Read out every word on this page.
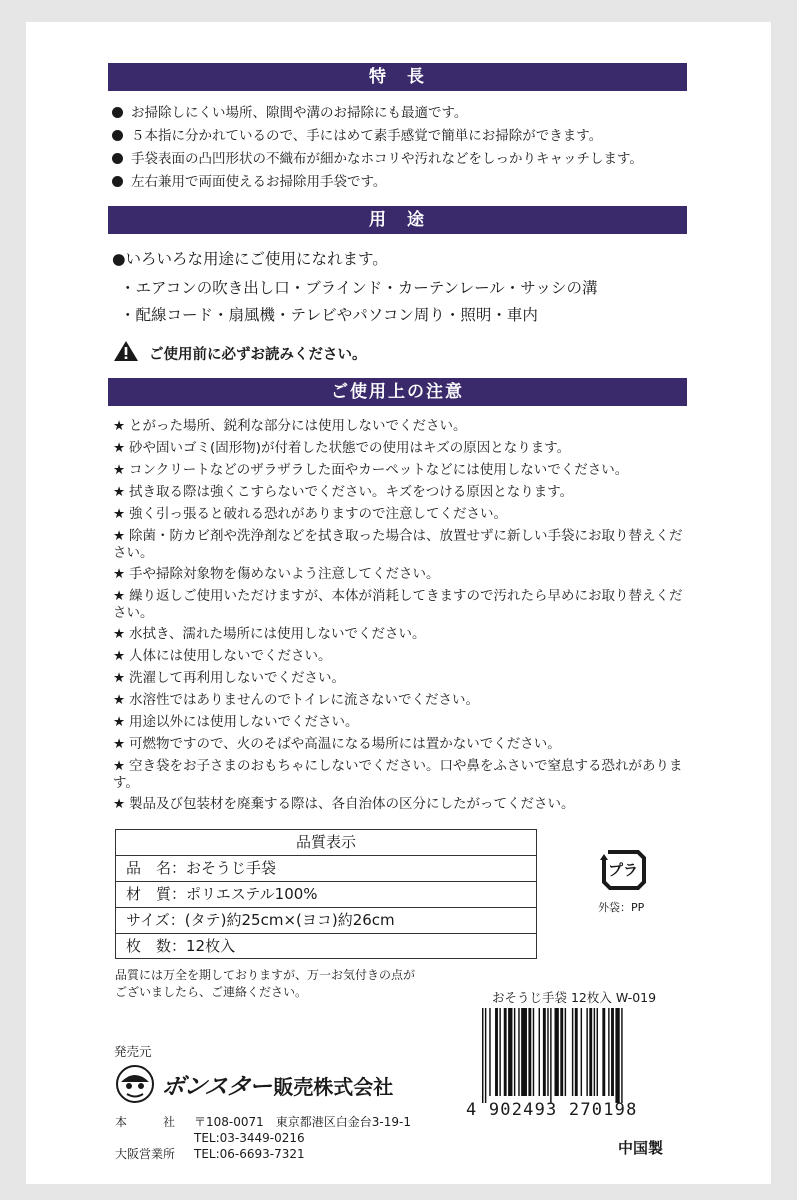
特　長
お掃除しにくい場所、隙間や溝のお掃除にも最適です。
５本指に分かれているので、手にはめて素手感覚で簡単にお掃除ができます。
手袋表面の凸凹形状の不織布が細かなホコリや汚れなどをしっかりキャッチします。
左右兼用で両面使えるお掃除用手袋です。
用　途
●いろいろな用途にご使用になれます。
・エアコンの吹き出し口・ブラインド・カーテンレール・サッシの溝
・配線コード・扇風機・テレビやパソコン周り・照明・車内
ご使用前に必ずお読みください。
ご使用上の注意
★ とがった場所、鋭利な部分には使用しないでください。
★ 砂や固いゴミ(固形物)が付着した状態での使用はキズの原因となります。
★ コンクリートなどのザラザラした面やカーペットなどには使用しないでください。
★ 拭き取る際は強くこすらないでください。キズをつける原因となります。
★ 強く引っ張ると破れる恐れがありますので注意してください。
★ 除菌・防カビ剤や洗浄剤などを拭き取った場合は、放置せずに新しい手袋にお取り替えください。
★ 手や掃除対象物を傷めないよう注意してください。
★ 繰り返しご使用いただけますが、本体が消耗してきますので汚れたら早めにお取り替えください。
★ 水拭き、濡れた場所には使用しないでください。
★ 人体には使用しないでください。
★ 洗濯して再利用しないでください。
★ 水溶性ではありませんのでトイレに流さないでください。
★ 用途以外には使用しないでください。
★ 可燃物ですので、火のそばや高温になる場所には置かないでください。
★ 空き袋をお子さまのおもちゃにしないでください。口や鼻をふさいで窒息する恐れがあります。
★ 製品及び包装材を廃棄する際は、各自治体の区分にしたがってください。
品質表示
品　名：おそうじ手袋
材　質：ポリエステル100%
サイズ：(タテ)約25cm×(ヨコ)約26cm
枚　数：12枚入
プラ
外袋：PP
品質には万全を期しておりますが、万一お気付きの点が
ございましたら、ご連絡ください。	おそうじ手袋 12枚入 W-019
4 902493 270198
発売元
ボンスター 販売株式会社
本　　　社 〒108-0071　東京都港区白金台3-19-1
TEL:03-3449-0216
大阪営業所 TEL:06-6693-7321	中国製
